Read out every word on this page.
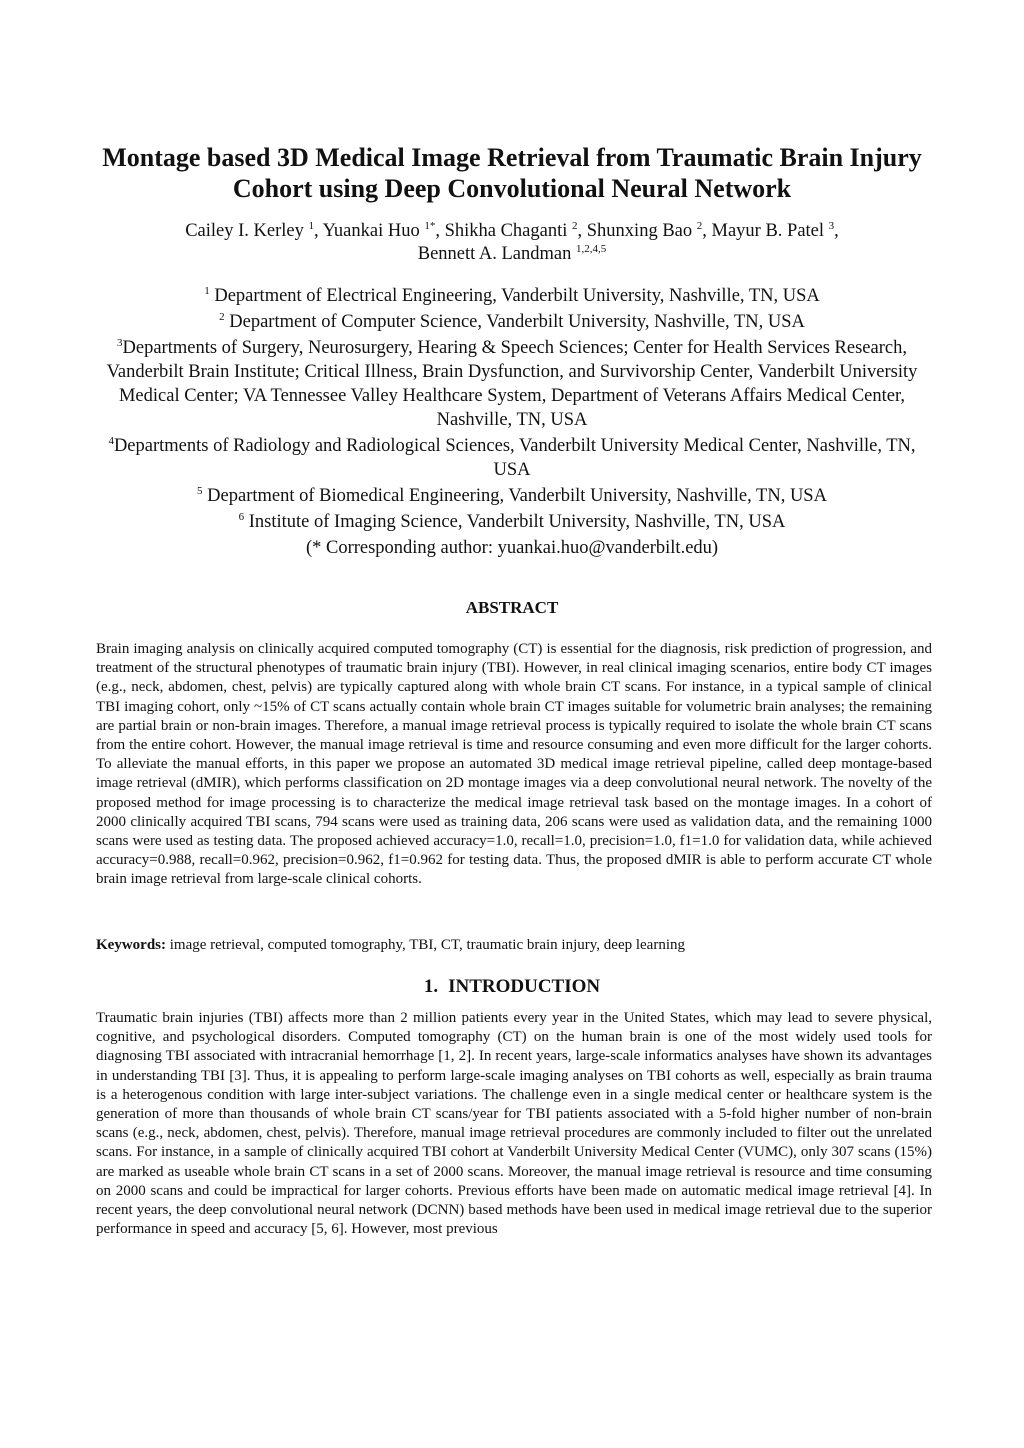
Montage based 3D Medical Image Retrieval from Traumatic Brain Injury Cohort using Deep Convolutional Neural Network
Cailey I. Kerley $^1$, Yuankai Huo $^{1*}$, Shikha Chaganti $^2$, Shunxing Bao $^2$, Mayur B. Patel $^3$,
Bennett A. Landman $^{1,2,4,5}$

$^1$ Department of Electrical Engineering, Vanderbilt University, Nashville, TN, USA

$^2$ Department of Computer Science, Vanderbilt University, Nashville, TN, USA

$^3$Departments of Surgery, Neurosurgery, Hearing & Speech Sciences; Center for Health Services Research, Vanderbilt Brain Institute; Critical Illness, Brain Dysfunction, and Survivorship Center, Vanderbilt University Medical Center; VA Tennessee Valley Healthcare System, Department of Veterans Affairs Medical Center, Nashville, TN, USA

$^4$Departments of Radiology and Radiological Sciences, Vanderbilt University Medical Center, Nashville, TN, USA

$^5$ Department of Biomedical Engineering, Vanderbilt University, Nashville, TN, USA

$^6$ Institute of Imaging Science, Vanderbilt University, Nashville, TN, USA

(* Corresponding author: yuankai.huo@vanderbilt.edu)

ABSTRACT

Brain imaging analysis on clinically acquired computed tomography (CT) is essential for the diagnosis, risk prediction of progression, and treatment of the structural phenotypes of traumatic brain injury (TBI). However, in real clinical imaging scenarios, entire body CT images (e.g., neck, abdomen, chest, pelvis) are typically captured along with whole brain CT scans. For instance, in a typical sample of clinical TBI imaging cohort, only ~15% of CT scans actually contain whole brain CT images suitable for volumetric brain analyses; the remaining are partial brain or non-brain images. Therefore, a manual image retrieval process is typically required to isolate the whole brain CT scans from the entire cohort. However, the manual image retrieval is time and resource consuming and even more difficult for the larger cohorts. To alleviate the manual efforts, in this paper we propose an automated 3D medical image retrieval pipeline, called deep montage-based image retrieval (dMIR), which performs classification on 2D montage images via a deep convolutional neural network. The novelty of the proposed method for image processing is to characterize the medical image retrieval task based on the montage images. In a cohort of 2000 clinically acquired TBI scans, 794 scans were used as training data, 206 scans were used as validation data, and the remaining 1000 scans were used as testing data. The proposed achieved accuracy=1.0, recall=1.0, precision=1.0, f1=1.0 for validation data, while achieved accuracy=0.988, recall=0.962, precision=0.962, f1=0.962 for testing data. Thus, the proposed dMIR is able to perform accurate CT whole brain image retrieval from large-scale clinical cohorts.

Keywords: image retrieval, computed tomography, TBI, CT, traumatic brain injury, deep learning

1. INTRODUCTION

Traumatic brain injuries (TBI) affects more than 2 million patients every year in the United States, which may lead to severe physical, cognitive, and psychological disorders. Computed tomography (CT) on the human brain is one of the most widely used tools for diagnosing TBI associated with intracranial hemorrhage [1, 2]. In recent years, large-scale informatics analyses have shown its advantages in understanding TBI [3]. Thus, it is appealing to perform large-scale imaging analyses on TBI cohorts as well, especially as brain trauma is a heterogenous condition with large inter-subject variations. The challenge even in a single medical center or healthcare system is the generation of more than thousands of whole brain CT scans/year for TBI patients associated with a 5-fold higher number of non-brain scans (e.g., neck, abdomen, chest, pelvis). Therefore, manual image retrieval procedures are commonly included to filter out the unrelated scans. For instance, in a sample of clinically acquired TBI cohort at Vanderbilt University Medical Center (VUMC), only 307 scans (15%) are marked as useable whole brain CT scans in a set of 2000 scans. Moreover, the manual image retrieval is resource and time consuming on 2000 scans and could be impractical for larger cohorts. Previous efforts have been made on automatic medical image retrieval [4]. In recent years, the deep convolutional neural network (DCNN) based methods have been used in medical image retrieval due to the superior performance in speed and accuracy [5, 6]. However, most previous
